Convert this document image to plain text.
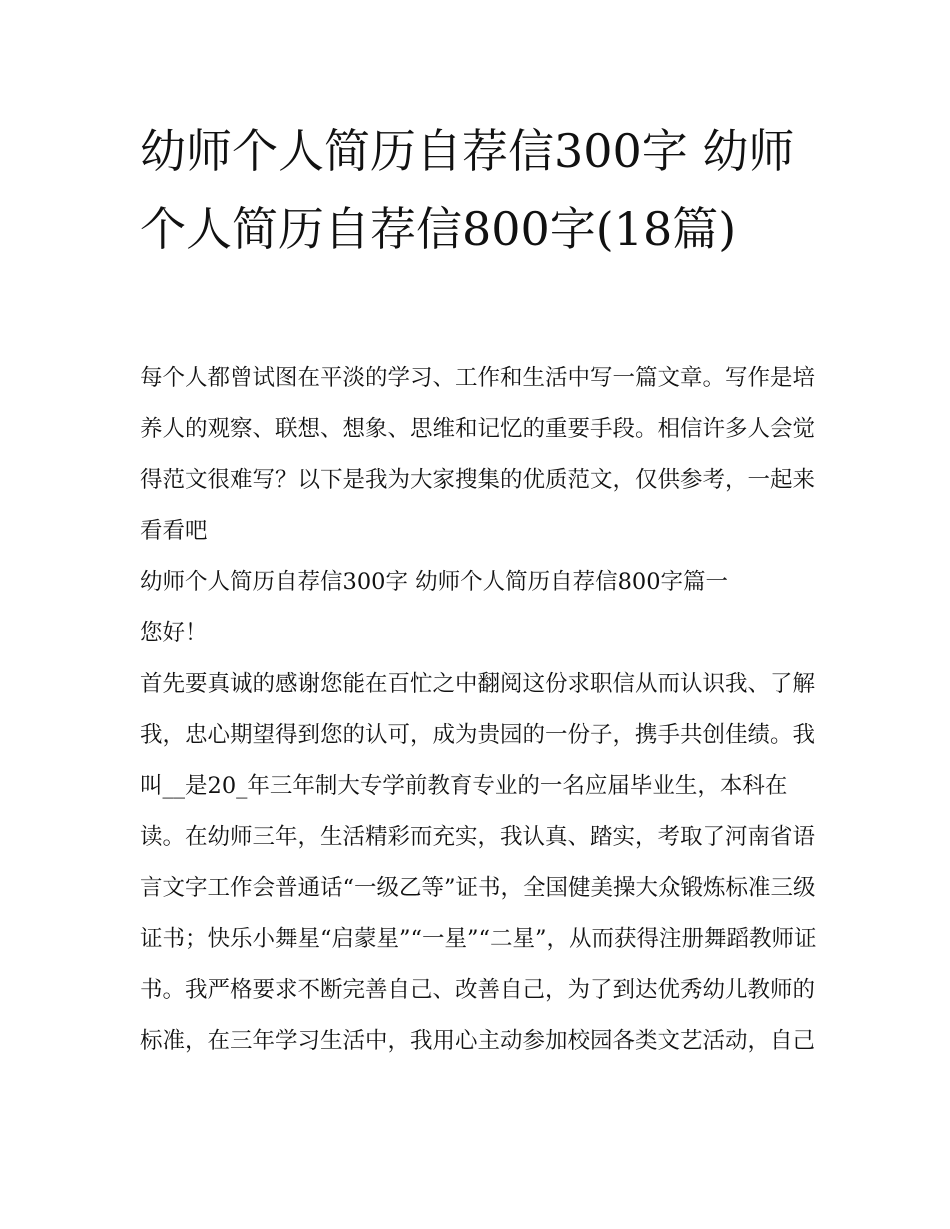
幼师个人简历自荐信300字 幼师个人简历自荐信800字(18篇)

每个人都曾试图在平淡的学习、工作和生活中写一篇文章。写作是培养人的观察、联想、想象、思维和记忆的重要手段。相信许多人会觉得范文很难写？以下是我为大家搜集的优质范文，仅供参考，一起来看看吧

幼师个人简历自荐信300字 幼师个人简历自荐信800字篇一

您好！

首先要真诚的感谢您能在百忙之中翻阅这份求职信从而认识我、了解我，忠心期望得到您的认可，成为贵园的一份子，携手共创佳绩。我叫__是20_年三年制大专学前教育专业的一名应届毕业生，本科在读。在幼师三年，生活精彩而充实，我认真、踏实，考取了河南省语言文字工作会普通话“一级乙等”证书，全国健美操大众锻炼标准三级证书；快乐小舞星“启蒙星”“一星”“二星”，从而获得注册舞蹈教师证书。我严格要求不断完善自己、改善自己，为了到达优秀幼儿教师的标准，在三年学习生活中，我用心主动参加校园各类文艺活动，自己
